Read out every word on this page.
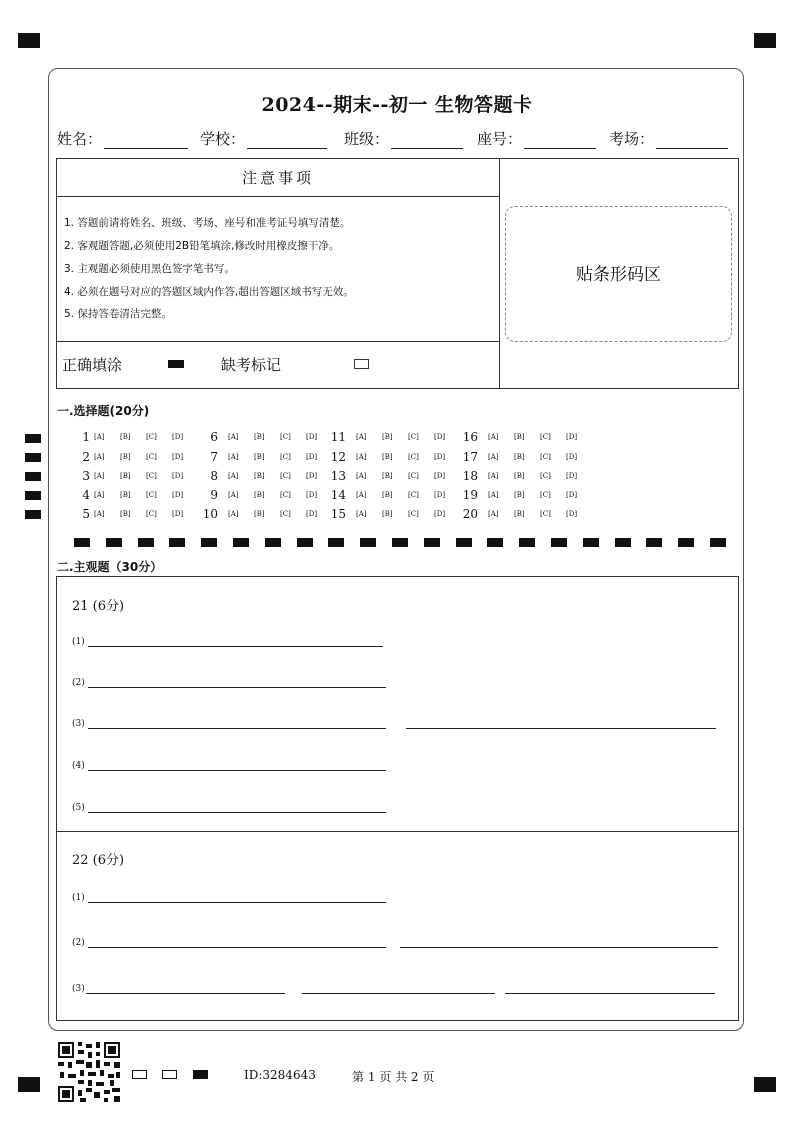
2024--期末--初一 生物答题卡
姓名：	学校：	班级：	座号：	考场：
注意事项
1. 答题前请将姓名、班级、考场、座号和准考证号填写清楚。
2. 客观题答题,必须使用2B铅笔填涂,修改时用橡皮擦干净。
3. 主观题必须使用黑色签字笔书写。
4. 必须在题号对应的答题区域内作答,超出答题区域书写无效。
5. 保持答卷清洁完整。
正确填涂	缺考标记
贴条形码区
一.选择题(20分)
1 [A] [B] [C] [D]
2 [A] [B] [C] [D]
3 [A] [B] [C] [D]
4 [A] [B] [C] [D]
5 [A] [B] [C] [D]
6 [A] [B] [C] [D]
7 [A] [B] [C] [D]
8 [A] [B] [C] [D]
9 [A] [B] [C] [D]
10 [A] [B] [C] [D]
11 [A] [B] [C] [D]
12 [A] [B] [C] [D]
13 [A] [B] [C] [D]
14 [A] [B] [C] [D]
15 [A] [B] [C] [D]
16 [A] [B] [C] [D]
17 [A] [B] [C] [D]
18 [A] [B] [C] [D]
19 [A] [B] [C] [D]
20 [A] [B] [C] [D]
二.主观题（30分）
21 (6分)
(1)
(2)
(3)
(4)
(5)
22 (6分)
(1)
(2)
(3)
ID:3284643	第 1 页 共 2 页
